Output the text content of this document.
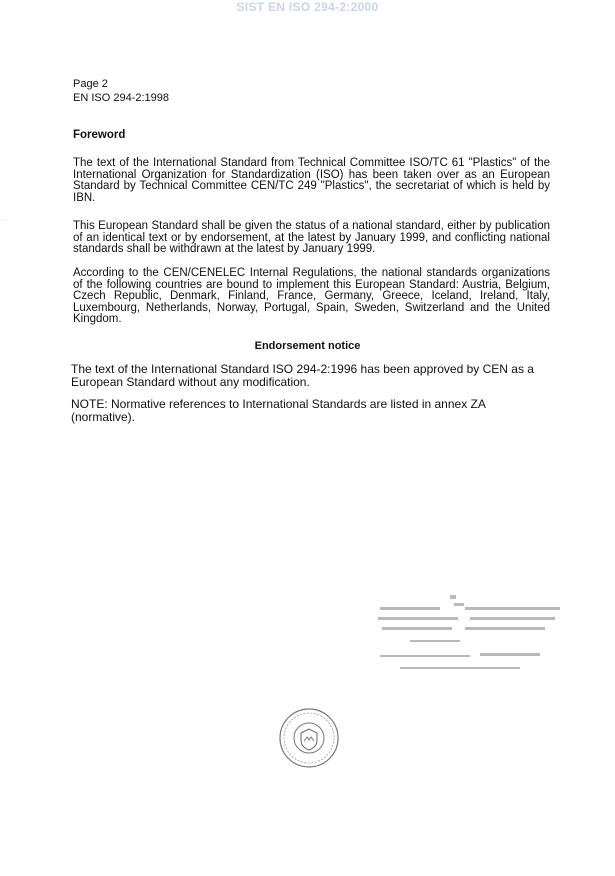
SIST EN ISO 294-2:2000
· ·
Page 2
EN ISO 294-2:1998
Foreword

The text of the International Standard from Technical Committee ISO/TC 61 "Plastics" of the International Organization for Standardization (ISO) has been taken over as an European Standard by Technical Committee CEN/TC 249 "Plastics", the secretariat of which is held by IBN.

This European Standard shall be given the status of a national standard, either by publication of an identical text or by endorsement, at the latest by January 1999, and conflicting national standards shall be withdrawn at the latest by January 1999.

According to the CEN/CENELEC Internal Regulations, the national standards organizations of the following countries are bound to implement this European Standard: Austria, Belgium, Czech Republic, Denmark, Finland, France, Germany, Greece, Iceland, Ireland, Italy, Luxembourg, Netherlands, Norway, Portugal, Spain, Sweden, Switzerland and the United Kingdom.

Endorsement notice

The text of the International Standard ISO 294-2:1996 has been approved by CEN as a European Standard without any modification.

NOTE: Normative references to International Standards are listed in annex ZA (normative).
